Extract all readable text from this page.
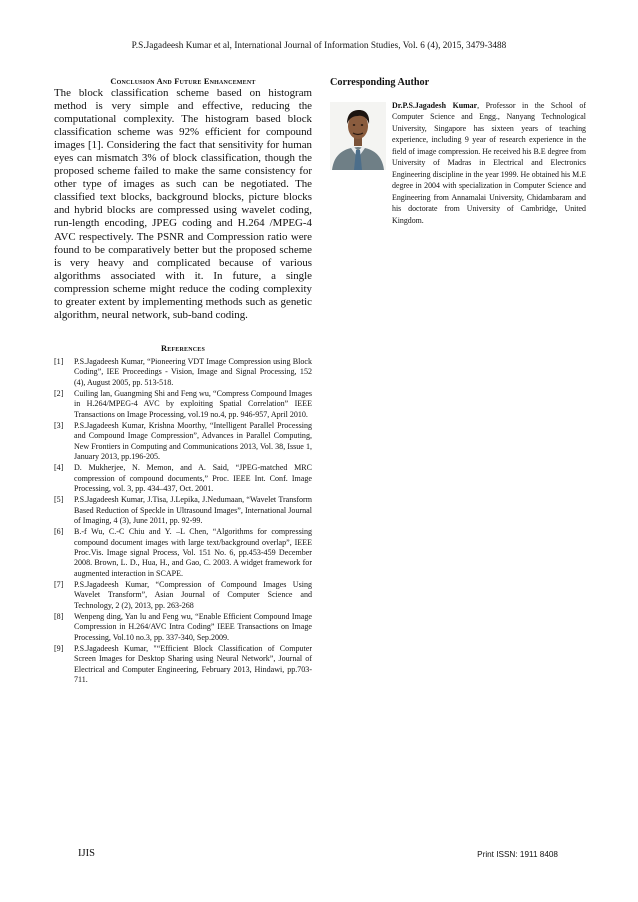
P.S.Jagadeesh Kumar et al, International Journal of Information Studies, Vol. 6 (4), 2015, 3479-3488
Conclusion And Future Enhancement

The block classification scheme based on histogram method is very simple and effective, reducing the computational complexity. The histogram based block classification scheme was 92% efficient for compound images [1]. Considering the fact that sensitivity for human eyes can mismatch 3% of block classification, though the proposed scheme failed to make the same consistency for other type of images as such can be negotiated. The classified text blocks, background blocks, picture blocks and hybrid blocks are compressed using wavelet coding, run-length encoding, JPEG coding and H.264 /MPEG-4 AVC respectively. The PSNR and Compression ratio were found to be comparatively better but the proposed scheme is very heavy and complicated because of various algorithms associated with it. In future, a single compression scheme might reduce the coding complexity to greater extent by implementing methods such as genetic algorithm, neural network, sub-band coding.

References
[1]	P.S.Jagadeesh Kumar, “Pioneering VDT Image Compression using Block Coding”, IEE Proceedings - Vision, Image and Signal Processing, 152 (4), August 2005, pp. 513-518.
[2]	Cuiling lan, Guangming Shi and Feng wu, “Compress Compound Images in H.264/MPEG-4 AVC by exploiting Spatial Correlation” IEEE Transactions on Image Processing, vol.19 no.4, pp. 946-957, April 2010.
[3]	P.S.Jagadeesh Kumar, Krishna Moorthy, “Intelligent Parallel Processing and Compound Image Compression”, Advances in Parallel Computing, New Frontiers in Computing and Communications 2013, Vol. 38, Issue 1, January 2013, pp.196-205.
[4]	D. Mukherjee, N. Memon, and A. Said, “JPEG-matched MRC compression of compound documents,” Proc. IEEE Int. Conf. Image Processing, vol. 3, pp. 434–437, Oct. 2001.
[5]	P.S.Jagadeesh Kumar, J.Tisa, J.Lepika, J.Nedumaan, “Wavelet Transform Based Reduction of Speckle in Ultrasound Images”, International Journal of Imaging, 4 (3), June 2011, pp. 92-99.
[6]	B.-f Wu, C.-C Chiu and Y. –L Chen, “Algorithms for compressing compound document images with large text/background overlap”, IEEE Proc.Vis. Image signal Process, Vol. 151 No. 6, pp.453-459 December 2008. Brown, L. D., Hua, H., and Gao, C. 2003. A widget framework for augmented interaction in SCAPE.
[7]	P.S.Jagadeesh Kumar, “Compression of Compound Images Using Wavelet Transform”, Asian Journal of Computer Science and Technology, 2 (2), 2013, pp. 263-268
[8]	Wenpeng ding, Yan lu and Feng wu, “Enable Efficient Compound Image Compression in H.264/AVC Intra Coding” IEEE Transactions on Image Processing, Vol.10 no.3, pp. 337-340, Sep.2009.
[9]	P.S.Jagadeesh Kumar, "“Efficient Block Classification of Computer Screen Images for Desktop Sharing using Neural Network”, Journal of Electrical and Computer Engineering, February 2013, Hindawi, pp.703-711.
Corresponding Author
Dr.P.S.Jagadesh Kumar, Professor in the School of Computer Science and Engg., Nanyang Technological University, Singapore has sixteen years of teaching experience, including 9 year of research experience in the field of image compression. He received his B.E degree from University of Madras in Electrical and Electronics Engineering discipline in the year 1999. He obtained his M.E degree in 2004 with specialization in Computer Science and Engineering from Annamalai University, Chidambaram and his doctorate from University of Cambridge, United Kingdom.
IJIS	Print ISSN: 1911 8408
